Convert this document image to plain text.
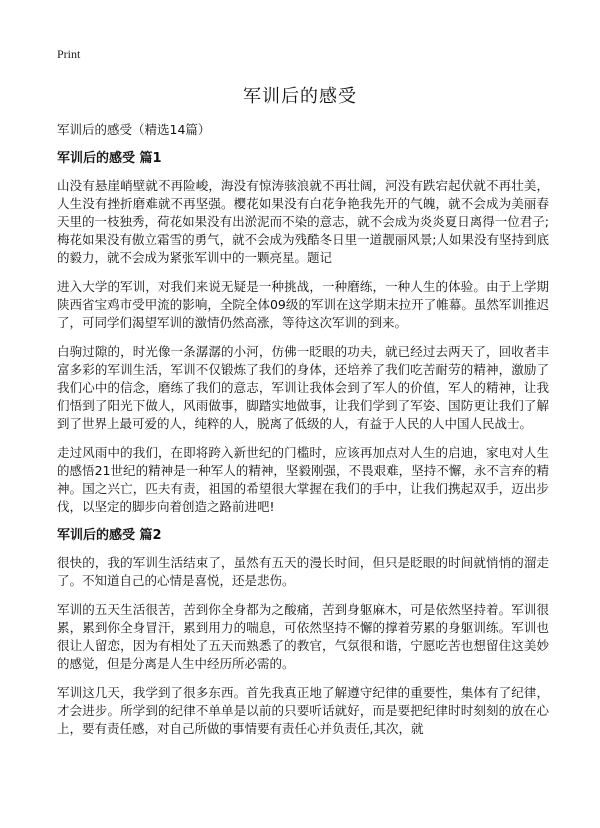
Print
军训后的感受

军训后的感受（精选14篇）

军训后的感受 篇1

山没有悬崖峭壁就不再险峻，海没有惊涛骇浪就不再壮阔，河没有跌宕起伏就不再壮美，人生没有挫折磨难就不再坚强。樱花如果没有白花争艳我先开的气魄，就不会成为美丽春天里的一枝独秀，荷花如果没有出淤泥而不染的意志，就不会成为炎炎夏日离得一位君子;梅花如果没有傲立霜雪的勇气，就不会成为残酷冬日里一道靓丽风景;人如果没有坚持到底的毅力，就不会成为紧张军训中的一颗亮星。题记

进入大学的军训，对我们来说无疑是一种挑战，一种磨练，一种人生的体验。由于上学期陕西省宝鸡市受甲流的影响，全院全体09级的军训在这学期末拉开了帷幕。虽然军训推迟了，可同学们渴望军训的激情仍然高涨，等待这次军训的到来。

白驹过隙的，时光像一条潺潺的小河，仿佛一眨眼的功夫，就已经过去两天了，回收者丰富多彩的军训生活，军训不仅锻炼了我们的身体，还培养了我们吃苦耐劳的精神，激励了我们心中的信念，磨练了我们的意志，军训让我体会到了军人的价值，军人的精神，让我们悟到了阳光下做人，风雨做事，脚踏实地做事，让我们学到了军姿、国防更让我们了解到了世界上最可爱的人，纯粹的人，脱离了低级的人，有益于人民的人中国人民战士。

走过风雨中的我们，在即将跨入新世纪的门槛时，应该再加点对人生的启迪，家电对人生的感悟21世纪的精神是一种军人的精神，坚毅刚强，不畏艰难，坚持不懈，永不言弃的精神。国之兴亡，匹夫有责，祖国的希望很大掌握在我们的手中，让我们携起双手，迈出步伐，以坚定的脚步向着创造之路前进吧!

军训后的感受 篇2

很快的，我的军训生活结束了，虽然有五天的漫长时间，但只是眨眼的时间就悄悄的溜走了。不知道自己的心情是喜悦，还是悲伤。

军训的五天生活很苦，苦到你全身都为之酸痛，苦到身躯麻木，可是依然坚持着。军训很累，累到你全身冒汗，累到用力的喘息，可依然坚持不懈的撑着劳累的身躯训练。军训也很让人留恋，因为有相处了五天而熟悉了的教官，气氛很和谐，宁愿吃苦也想留住这美妙的感觉，但是分离是人生中经历所必需的。

军训这几天，我学到了很多东西。首先我真正地了解遵守纪律的重要性，集体有了纪律，才会进步。所学到的纪律不单单是以前的只要听话就好，而是要把纪律时时刻刻的放在心上，要有责任感，对自己所做的事情要有责任心并负责任,其次，就
